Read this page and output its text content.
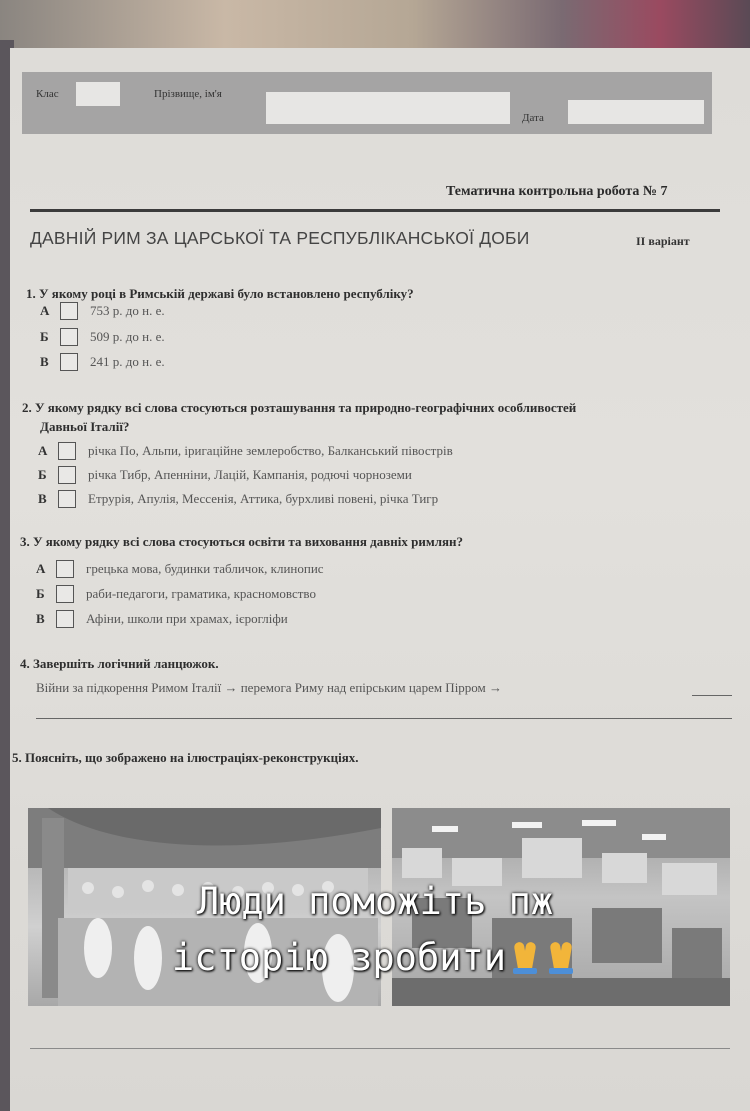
Клас	Прізвище, ім'я
Дата
Тематична контрольна робота № 7
ДАВНІЙ РИМ ЗА ЦАРСЬКОЇ ТА РЕСПУБЛІКАНСЬКОЇ ДОБИ	ІІ варіант
1. У якому році в Римській державі було встановлено республіку?
А	753 р. до н. е.
Б	509 р. до н. е.
В	241 р. до н. е.
2. У якому рядку всі слова стосуються розташування та природно-географічних особливостей
Давньої Італії?
А	річка По, Альпи, іригаційне землеробство, Балканський півострів
Б	річка Тибр, Апенніни, Лацій, Кампанія, родючі чорноземи
В	Етрурія, Апулія, Мессенія, Аттика, бурхливі повені, річка Тигр
3. У якому рядку всі слова стосуються освіти та виховання давніх римлян?
А	грецька мова, будинки табличок, клинопис
Б	раби-педагоги, граматика, красномовство
В	Афіни, школи при храмах, ієрогліфи
4. Завершіть логічний ланцюжок.
Війни за підкорення Римом Італії → перемога Риму над епірським царем Пірром →
5. Поясніть, що зображено на ілюстраціях-реконструкціях.
Люди поможіть пж
історію зробити
